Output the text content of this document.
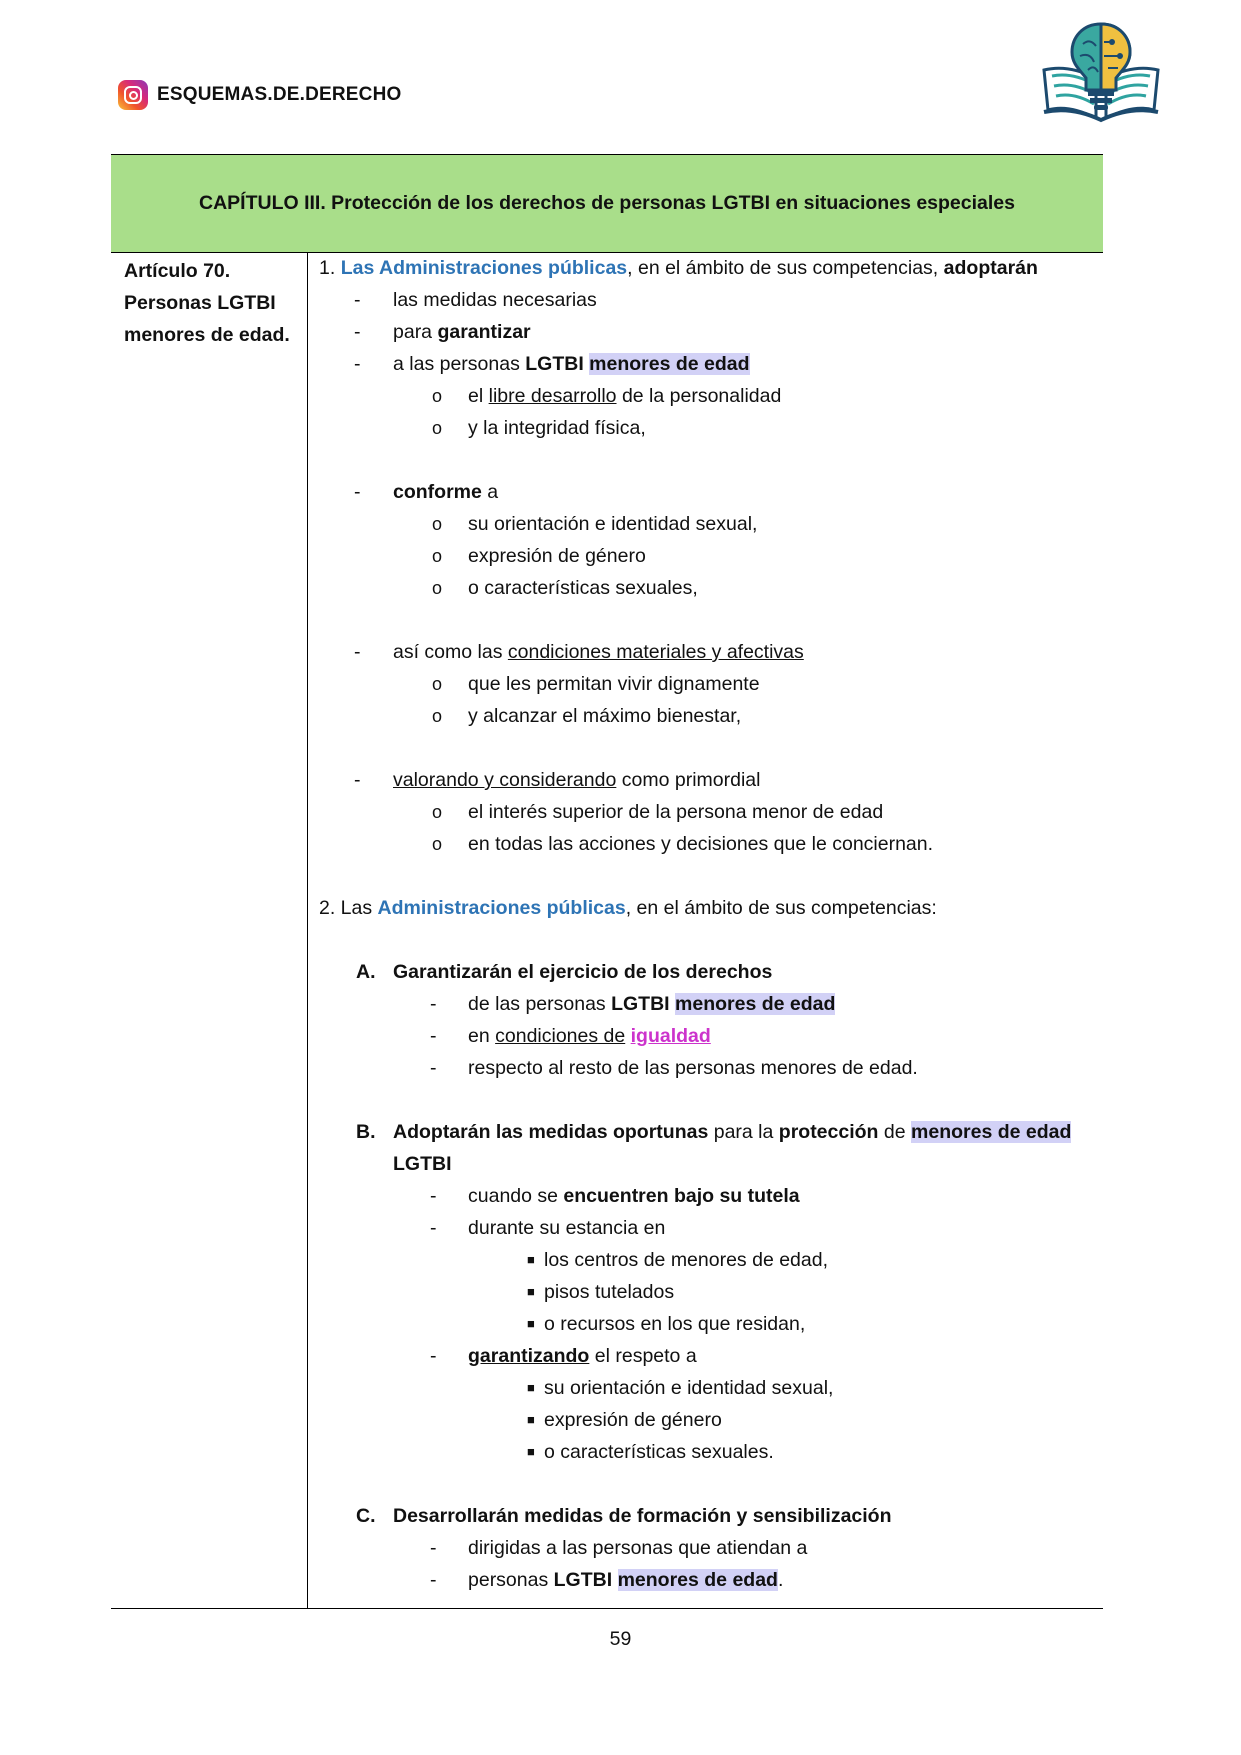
ESQUEMAS.DE.DERECHO
CAPÍTULO III. Protección de los derechos de personas LGTBI en situaciones especiales
Artículo 70.
Personas LGTBI
menores de edad.
1. Las Administraciones públicas, en el ámbito de sus competencias, adoptarán
- las medidas necesarias
- para garantizar
- a las personas LGTBI menores de edad
o el libre desarrollo de la personalidad
o y la integridad física,
- conforme a
o su orientación e identidad sexual,
o expresión de género
o o características sexuales,
- así como las condiciones materiales y afectivas
o que les permitan vivir dignamente
o y alcanzar el máximo bienestar,
- valorando y considerando como primordial
o el interés superior de la persona menor de edad
o en todas las acciones y decisiones que le conciernan.
2. Las Administraciones públicas, en el ámbito de sus competencias:
A. Garantizarán el ejercicio de los derechos
- de las personas LGTBI menores de edad
- en condiciones de igualdad
- respecto al resto de las personas menores de edad.
B. Adoptarán las medidas oportunas para la protección de menores de edad
LGTBI
- cuando se encuentren bajo su tutela
- durante su estancia en
■ los centros de menores de edad,
■ pisos tutelados
■ o recursos en los que residan,
- garantizando el respeto a
■ su orientación e identidad sexual,
■ expresión de género
■ o características sexuales.
C. Desarrollarán medidas de formación y sensibilización
- dirigidas a las personas que atiendan a
- personas LGTBI menores de edad.
59
